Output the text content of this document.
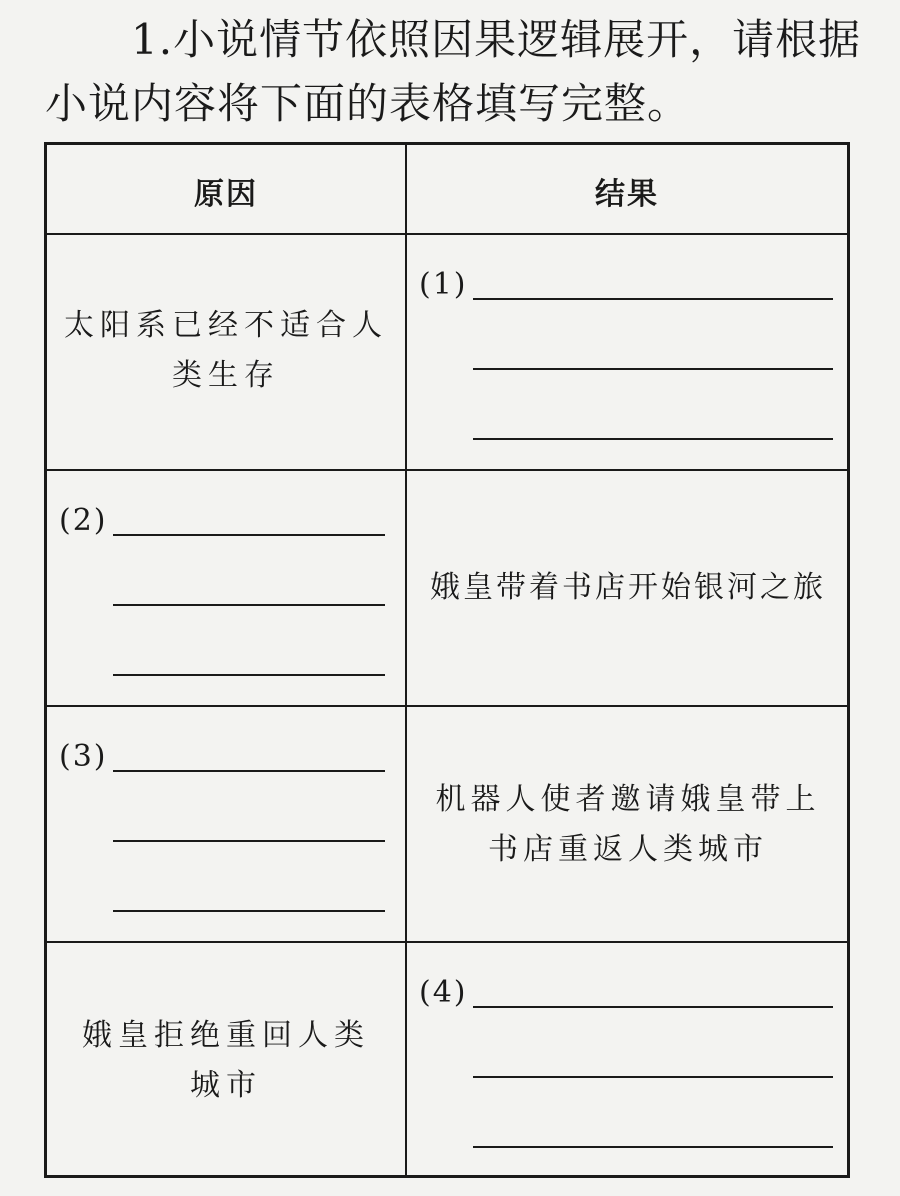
1.小说情节依照因果逻辑展开，请根据
小说内容将下面的表格填写完整。
原因	结果
太阳系已经不适合人
类生存
(1)
(2)
娥皇带着书店开始银河之旅
(3)
机器人使者邀请娥皇带上
书店重返人类城市
娥皇拒绝重回人类
城市
(4)
